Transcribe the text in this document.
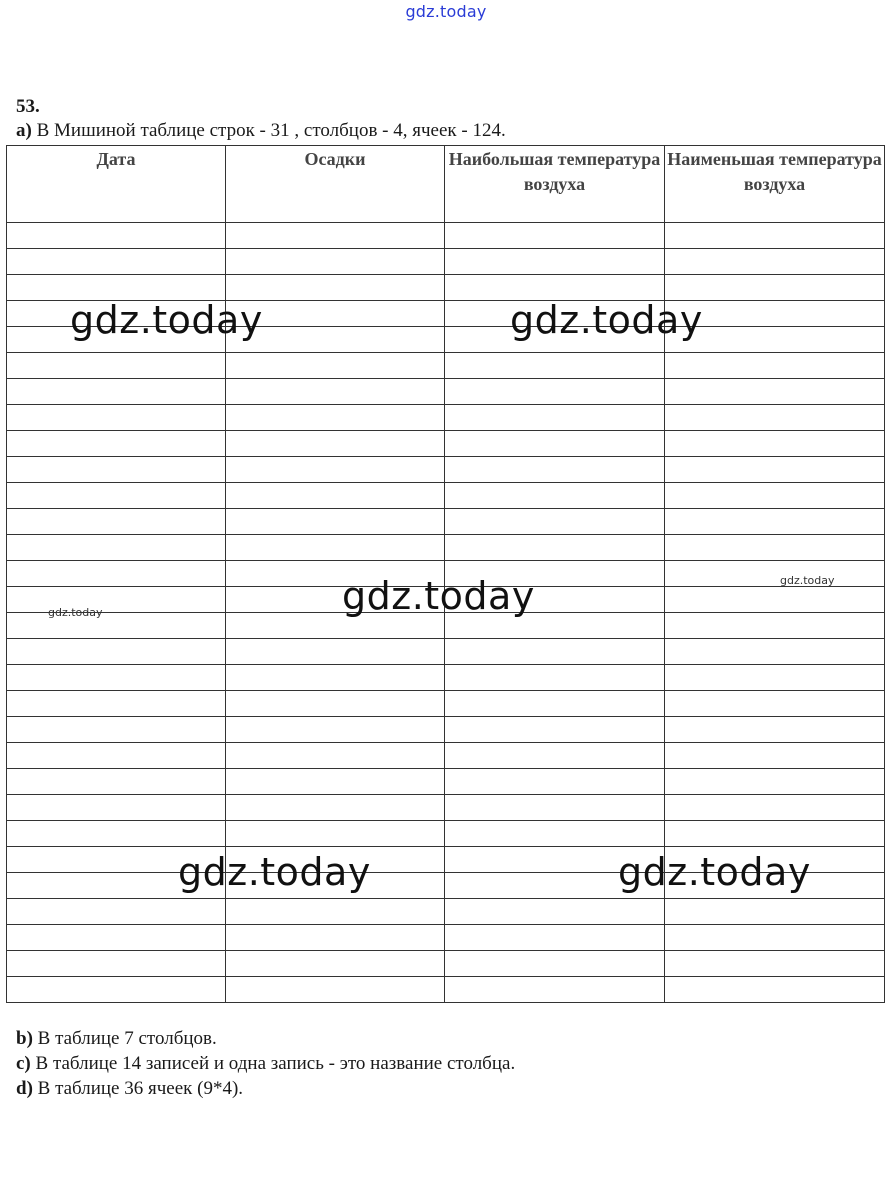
gdz.today
53.
a) В Мишиной таблице строк - 31 , столбцов - 4, ячеек - 124.
Дата	Осадки	Наибольшая температура воздуха	Наименьшая температура воздуха

b) В таблице 7 столбцов.
c) В таблице 14 записей и одна запись - это название столбца.
d) В таблице 36 ячеек (9*4).
gdz.today	gdz.today
gdz.today
gdz.today	gdz.today
gdz.today
gdz.today
